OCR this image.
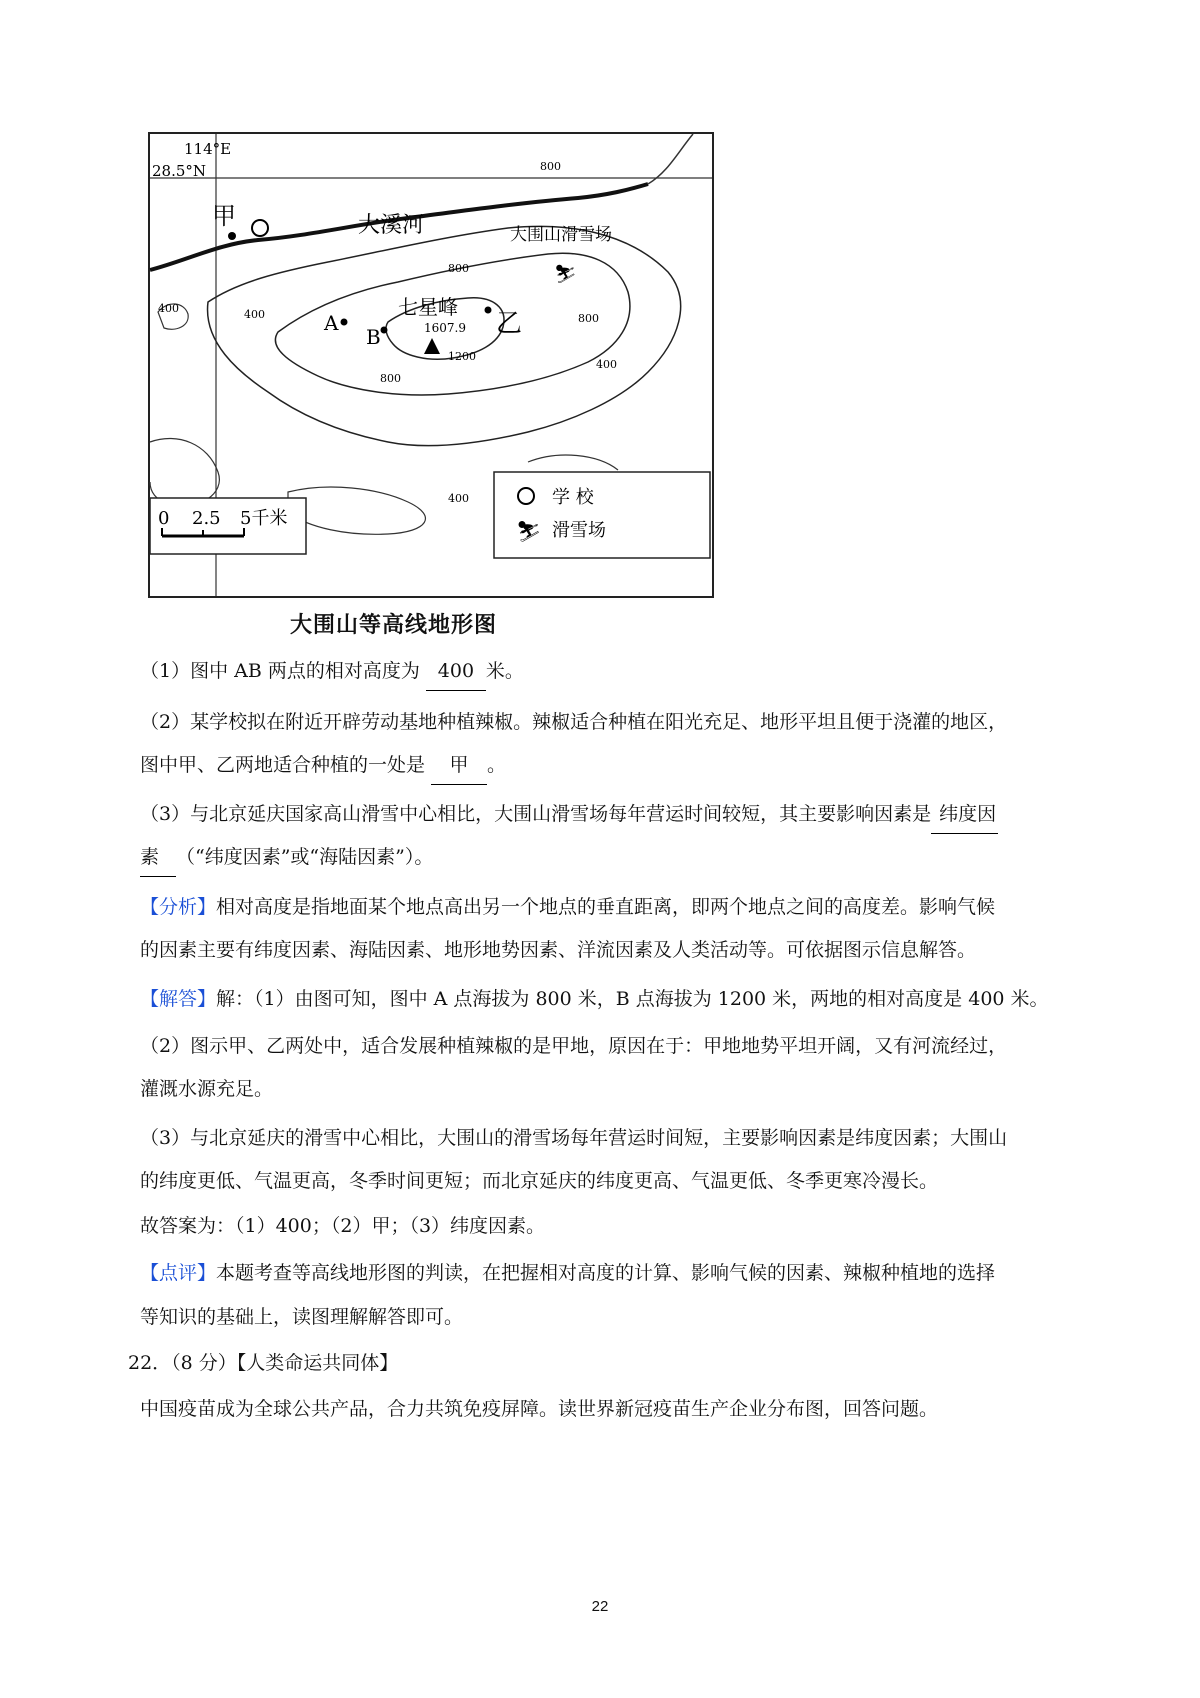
114°E
28.5°N
大溪河
甲
乙
A
B
七星峰
1607.9
大围山滑雪场
⛷
400
400
400
400
800
800
800
800
1200
0 2.5 5千米
学 校
⛷ 滑雪场
大围山等高线地形图
（1）图中 AB 两点的相对高度为 400 米。
（2）某学校拟在附近开辟劳动基地种植辣椒。辣椒适合种植在阳光充足、地形平坦且便于浇灌的地区，
图中甲、乙两地适合种植的一处是 甲 。
（3）与北京延庆国家高山滑雪中心相比，大围山滑雪场每年营运时间较短，其主要影响因素是 纬度因
素 （“纬度因素”或“海陆因素”）。
【分析】相对高度是指地面某个地点高出另一个地点的垂直距离，即两个地点之间的高度差。影响气候
的因素主要有纬度因素、海陆因素、地形地势因素、洋流因素及人类活动等。可依据图示信息解答。
【解答】解：（1）由图可知，图中 A 点海拔为 800 米，B 点海拔为 1200 米，两地的相对高度是 400 米。
（2）图示甲、乙两处中，适合发展种植辣椒的是甲地，原因在于：甲地地势平坦开阔，又有河流经过，
灌溉水源充足。
（3）与北京延庆的滑雪中心相比，大围山的滑雪场每年营运时间短，主要影响因素是纬度因素；大围山
的纬度更低、气温更高，冬季时间更短；而北京延庆的纬度更高、气温更低、冬季更寒冷漫长。
故答案为：（1）400；（2）甲；（3）纬度因素。
【点评】本题考查等高线地形图的判读，在把握相对高度的计算、影响气候的因素、辣椒种植地的选择
等知识的基础上，读图理解解答即可。
22．（8 分）【人类命运共同体】
中国疫苗成为全球公共产品，合力共筑免疫屏障。读世界新冠疫苗生产企业分布图，回答问题。
22
